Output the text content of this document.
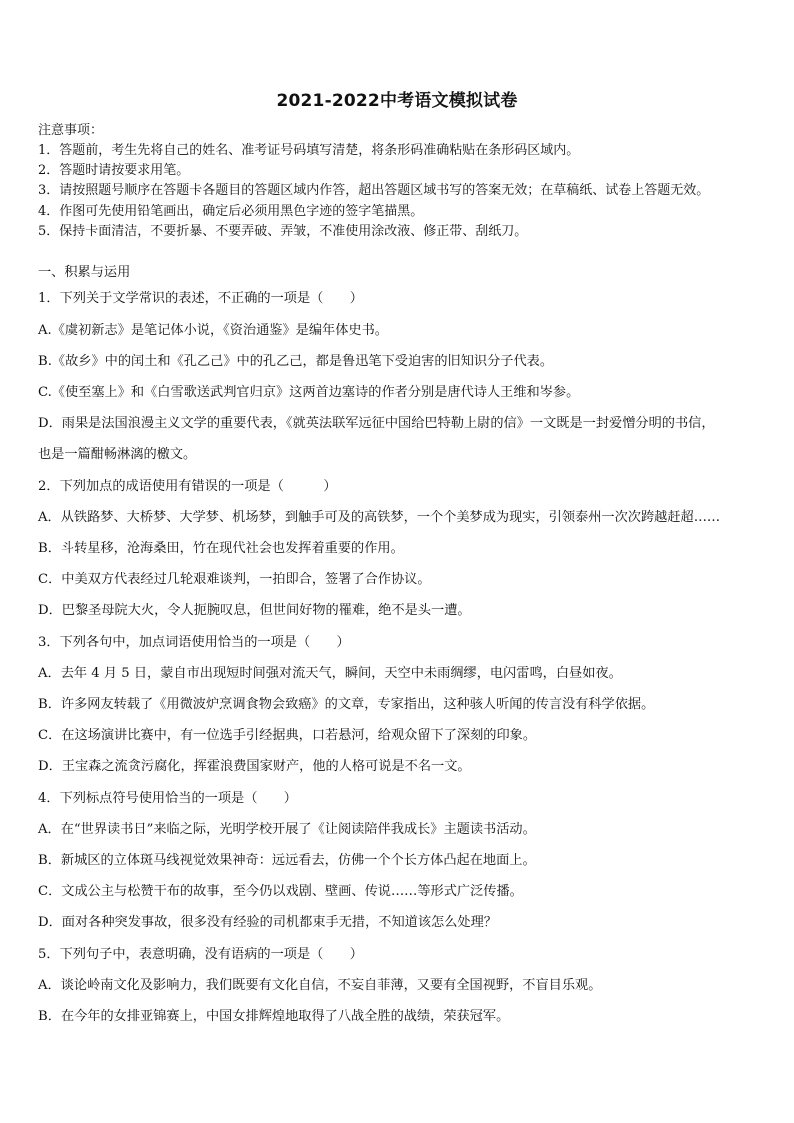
2021-2022中考语文模拟试卷
注意事项：
1．答题前，考生先将自己的姓名、准考证号码填写清楚，将条形码准确粘贴在条形码区域内。
2．答题时请按要求用笔。
3．请按照题号顺序在答题卡各题目的答题区域内作答，超出答题区域书写的答案无效；在草稿纸、试卷上答题无效。
4．作图可先使用铅笔画出，确定后必须用黑色字迹的签字笔描黑。
5．保持卡面清洁，不要折暴、不要弄破、弄皱，不准使用涂改液、修正带、刮纸刀。
一、积累与运用
1．下列关于文学常识的表述，不正确的一项是（　　）
A.《虞初新志》是笔记体小说，《资治通鉴》是编年体史书。
B.《故乡》中的闰土和《孔乙己》中的孔乙己，都是鲁迅笔下受迫害的旧知识分子代表。
C.《使至塞上》和《白雪歌送武判官归京》这两首边塞诗的作者分别是唐代诗人王维和岑参。
D．雨果是法国浪漫主义文学的重要代表，《就英法联军远征中国给巴特勒上尉的信》一文既是一封爱憎分明的书信，
也是一篇酣畅淋漓的檄文。
2．下列加点的成语使用有错误的一项是（　　　）
A．从铁路梦、大桥梦、大学梦、机场梦，到触手可及的高铁梦，一个个美梦成为现实，引领泰州一次次跨越赶超……
B．斗转星移，沧海桑田，竹在现代社会也发挥着重要的作用。
C．中美双方代表经过几轮艰难谈判，一拍即合，签署了合作协议。
D．巴黎圣母院大火，令人扼腕叹息，但世间好物的罹难，绝不是头一遭。
3．下列各句中，加点词语使用恰当的一项是（　　）
A．去年 4 月 5 日，蒙自市出现短时间强对流天气，瞬间，天空中未雨绸缪，电闪雷鸣，白昼如夜。
B．许多网友转载了《用微波炉烹调食物会致癌》的文章，专家指出，这种骇人听闻的传言没有科学依据。
C．在这场演讲比赛中，有一位选手引经据典，口若悬河，给观众留下了深刻的印象。
D．王宝森之流贪污腐化，挥霍浪费国家财产，他的人格可说是不名一文。
4．下列标点符号使用恰当的一项是（　　）
A．在“世界读书日”来临之际，光明学校开展了《让阅读陪伴我成长》主题读书活动。
B．新城区的立体斑马线视觉效果神奇：远远看去，仿佛一个个长方体凸起在地面上。
C．文成公主与松赞干布的故事，至今仍以戏剧、壁画、传说……等形式广泛传播。
D．面对各种突发事故，很多没有经验的司机都束手无措，不知道该怎么处理？
5．下列句子中，表意明确，没有语病的一项是（　　）
A．谈论岭南文化及影响力，我们既要有文化自信，不妄自菲薄，又要有全国视野，不盲目乐观。
B．在今年的女排亚锦赛上，中国女排辉煌地取得了八战全胜的战绩，荣获冠军。
